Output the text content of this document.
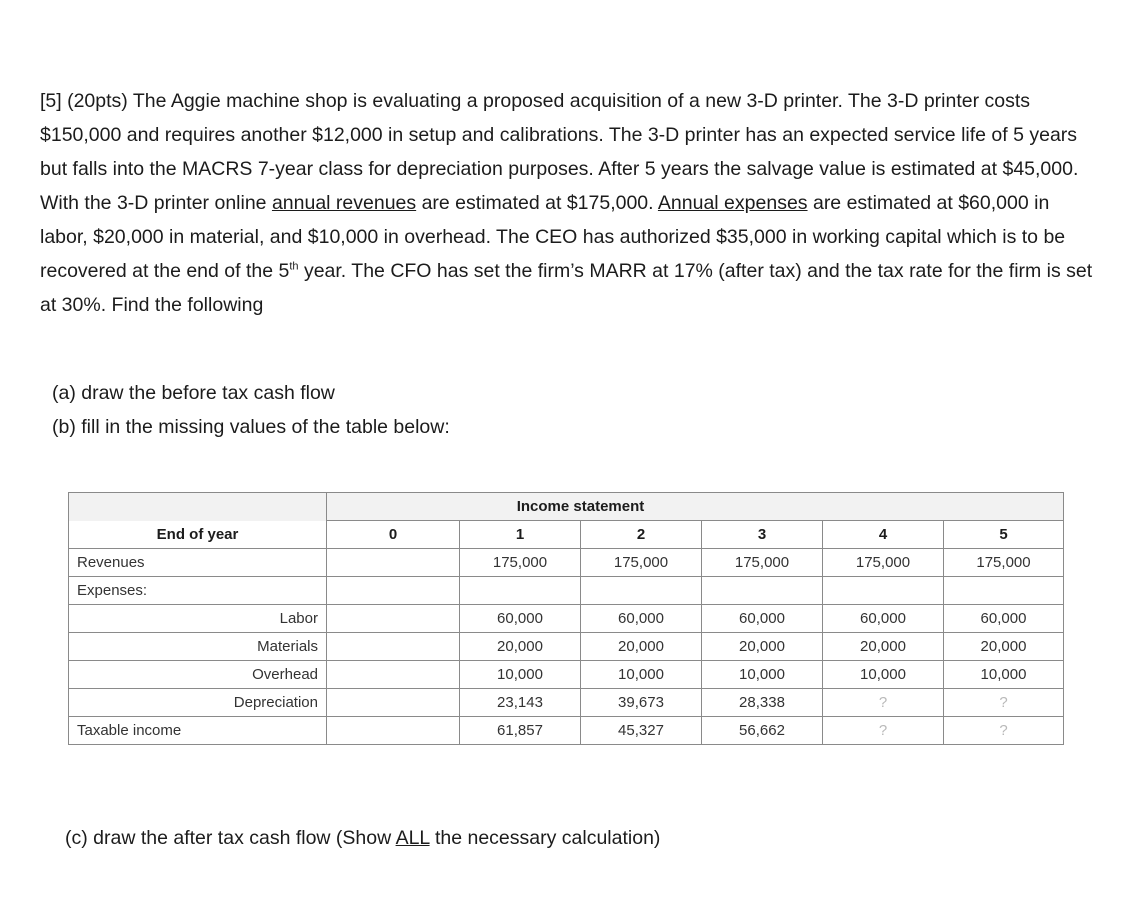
[5] (20pts) The Aggie machine shop is evaluating a proposed acquisition of a new 3-D printer. The 3-D printer costs $150,000 and requires another $12,000 in setup and calibrations. The 3-D printer has an expected service life of 5 years but falls into the MACRS 7-year class for depreciation purposes. After 5 years the salvage value is estimated at $45,000. With the 3-D printer online annual revenues are estimated at $175,000. Annual expenses are estimated at $60,000 in labor, $20,000 in material, and $10,000 in overhead. The CEO has authorized $35,000 in working capital which is to be recovered at the end of the 5th year. The CFO has set the firm’s MARR at 17% (after tax) and the tax rate for the firm is set at 30%. Find the following

(a) draw the before tax cash flow
(b) fill in the missing values of the table below:
		Income statement				
End of year	0	1	2	3	4	5
Revenues		175,000	175,000	175,000	175,000	175,000
Expenses:						
Labor		60,000	60,000	60,000	60,000	60,000
Materials		20,000	20,000	20,000	20,000	20,000
Overhead		10,000	10,000	10,000	10,000	10,000
Depreciation		23,143	39,673	28,338	?	?
Taxable income		61,857	45,327	56,662	?	?
(c) draw the after tax cash flow (Show ALL the necessary calculation)
